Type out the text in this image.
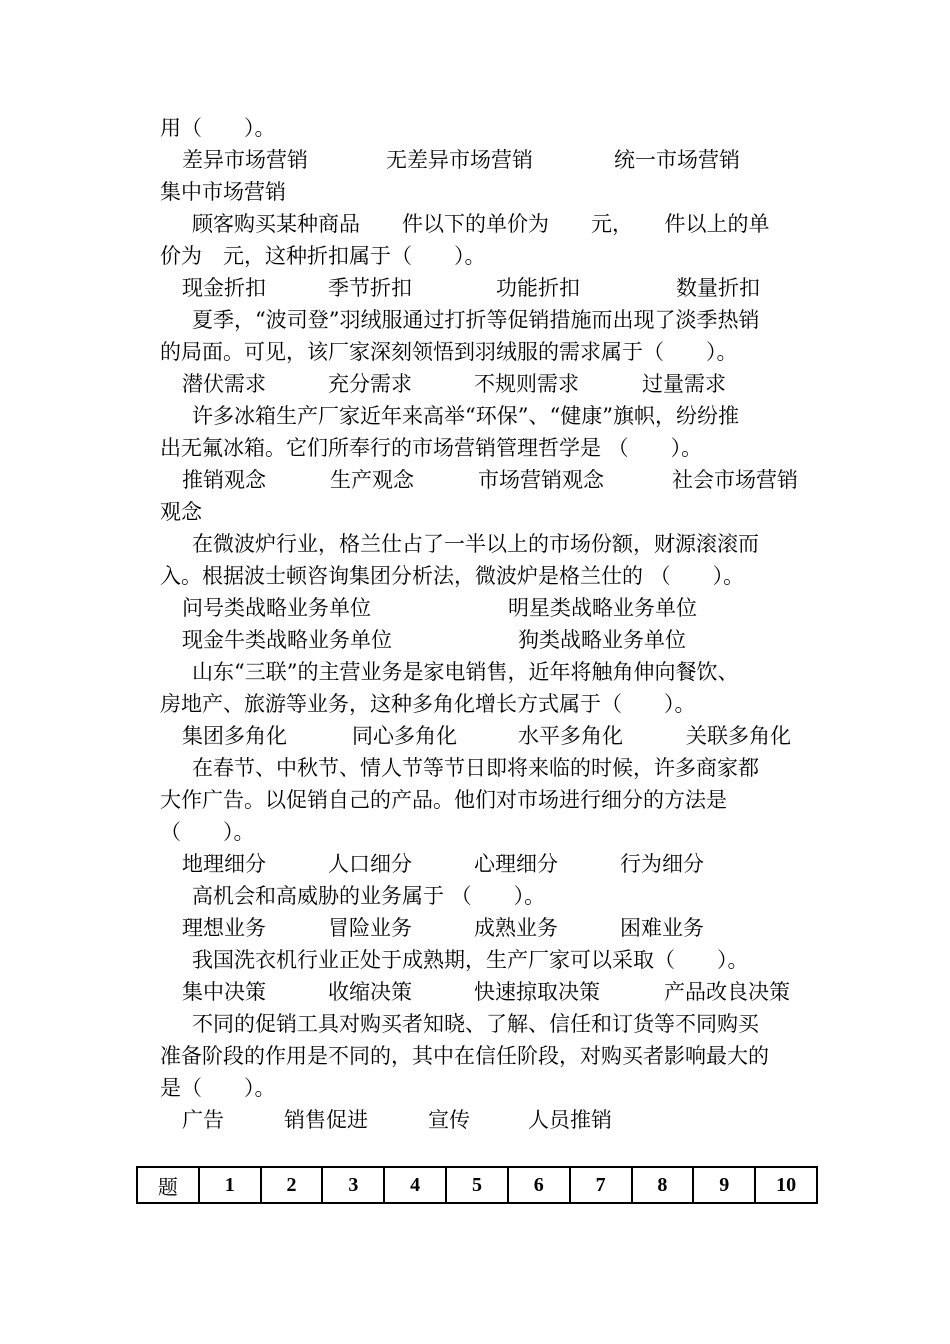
用（　　）。
差异市场营销	无差异市场营销	统一市场营销
集中市场营销
顾客购买某种商品　　件以下的单价为　　元，　　件以上的单
价为　元，这种折扣属于（　　）。
现金折扣	季节折扣	功能折扣	数量折扣
夏季，“波司登”羽绒服通过打折等促销措施而出现了淡季热销
的局面。可见，该厂家深刻领悟到羽绒服的需求属于（　　）。
潜伏需求	充分需求	不规则需求	过量需求
许多冰箱生产厂家近年来高举“环保”、“健康”旗帜，纷纷推
出无氟冰箱。它们所奉行的市场营销管理哲学是 （　　）。
推销观念	生产观念	市场营销观念	社会市场营销
观念
在微波炉行业，格兰仕占了一半以上的市场份额，财源滚滚而
入。根据波士顿咨询集团分析法，微波炉是格兰仕的 （　　）。
问号类战略业务单位	明星类战略业务单位
现金牛类战略业务单位	狗类战略业务单位
山东“三联”的主营业务是家电销售，近年将触角伸向餐饮、
房地产、旅游等业务，这种多角化增长方式属于（　　）。
集团多角化	同心多角化	水平多角化	关联多角化
在春节、中秋节、情人节等节日即将来临的时候，许多商家都
大作广告。以促销自己的产品。他们对市场进行细分的方法是
（　　）。
地理细分	人口细分	心理细分	行为细分
高机会和高威胁的业务属于 （　　）。
理想业务	冒险业务	成熟业务	困难业务
我国洗衣机行业正处于成熟期，生产厂家可以采取（　　）。
集中决策	收缩决策	快速掠取决策	产品改良决策
不同的促销工具对购买者知晓、了解、信任和订货等不同购买
准备阶段的作用是不同的，其中在信任阶段，对购买者影响最大的
是（　　）。
广告	销售促进	宣传	人员推销
题	1	2	3	4	5	6	7	8	9	10
